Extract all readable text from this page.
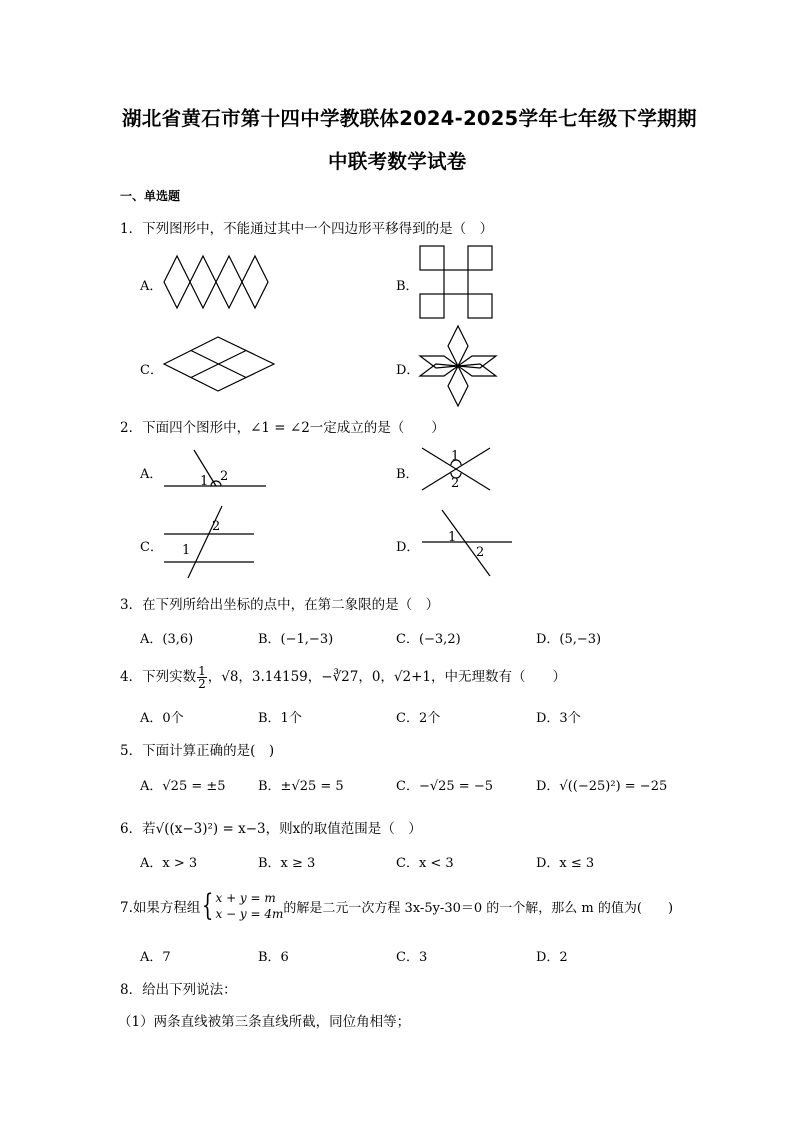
湖北省黄石市第十四中学教联体2024-2025学年七年级下学期期
中联考数学试卷
一、单选题
1．下列图形中，不能通过其中一个四边形平移得到的是（　）
A．	B．
C．	D．
2．下面四个图形中，∠1 = ∠2一定成立的是（　　）
A．	1 2	B．
1
2
C．
2
1	D．
1
2
3．在下列所给出坐标的点中，在第二象限的是（　）
A．(3,6)	B．(−1,−3)	C．(−3,2)	D．(5,−3)
4．下列实数 $\frac{1}{2}$ ，√8，3.14159，−∛27，0，√2+1，中无理数有（　　）
A．0个	B．1个	C．2个	D．3个
5．下面计算正确的是(　)
A．√25 = ±5 B．±√25 = 5	C．−√25 = −5	D．√((−25)²) = −25
6．若√((x−3)²) = x−3，则x的取值范围是（　）
A．x > 3	B．x ≥ 3	C．x < 3	D．x ≤ 3
7.如果方程组 { x + y = m
x − y = 4m 的解是二元一次方程 3x-5y-30＝0 的一个解，那么 m 的值为(　　)
A．7	B．6	C．3	D．2
8．给出下列说法：
（1）两条直线被第三条直线所截，同位角相等；
